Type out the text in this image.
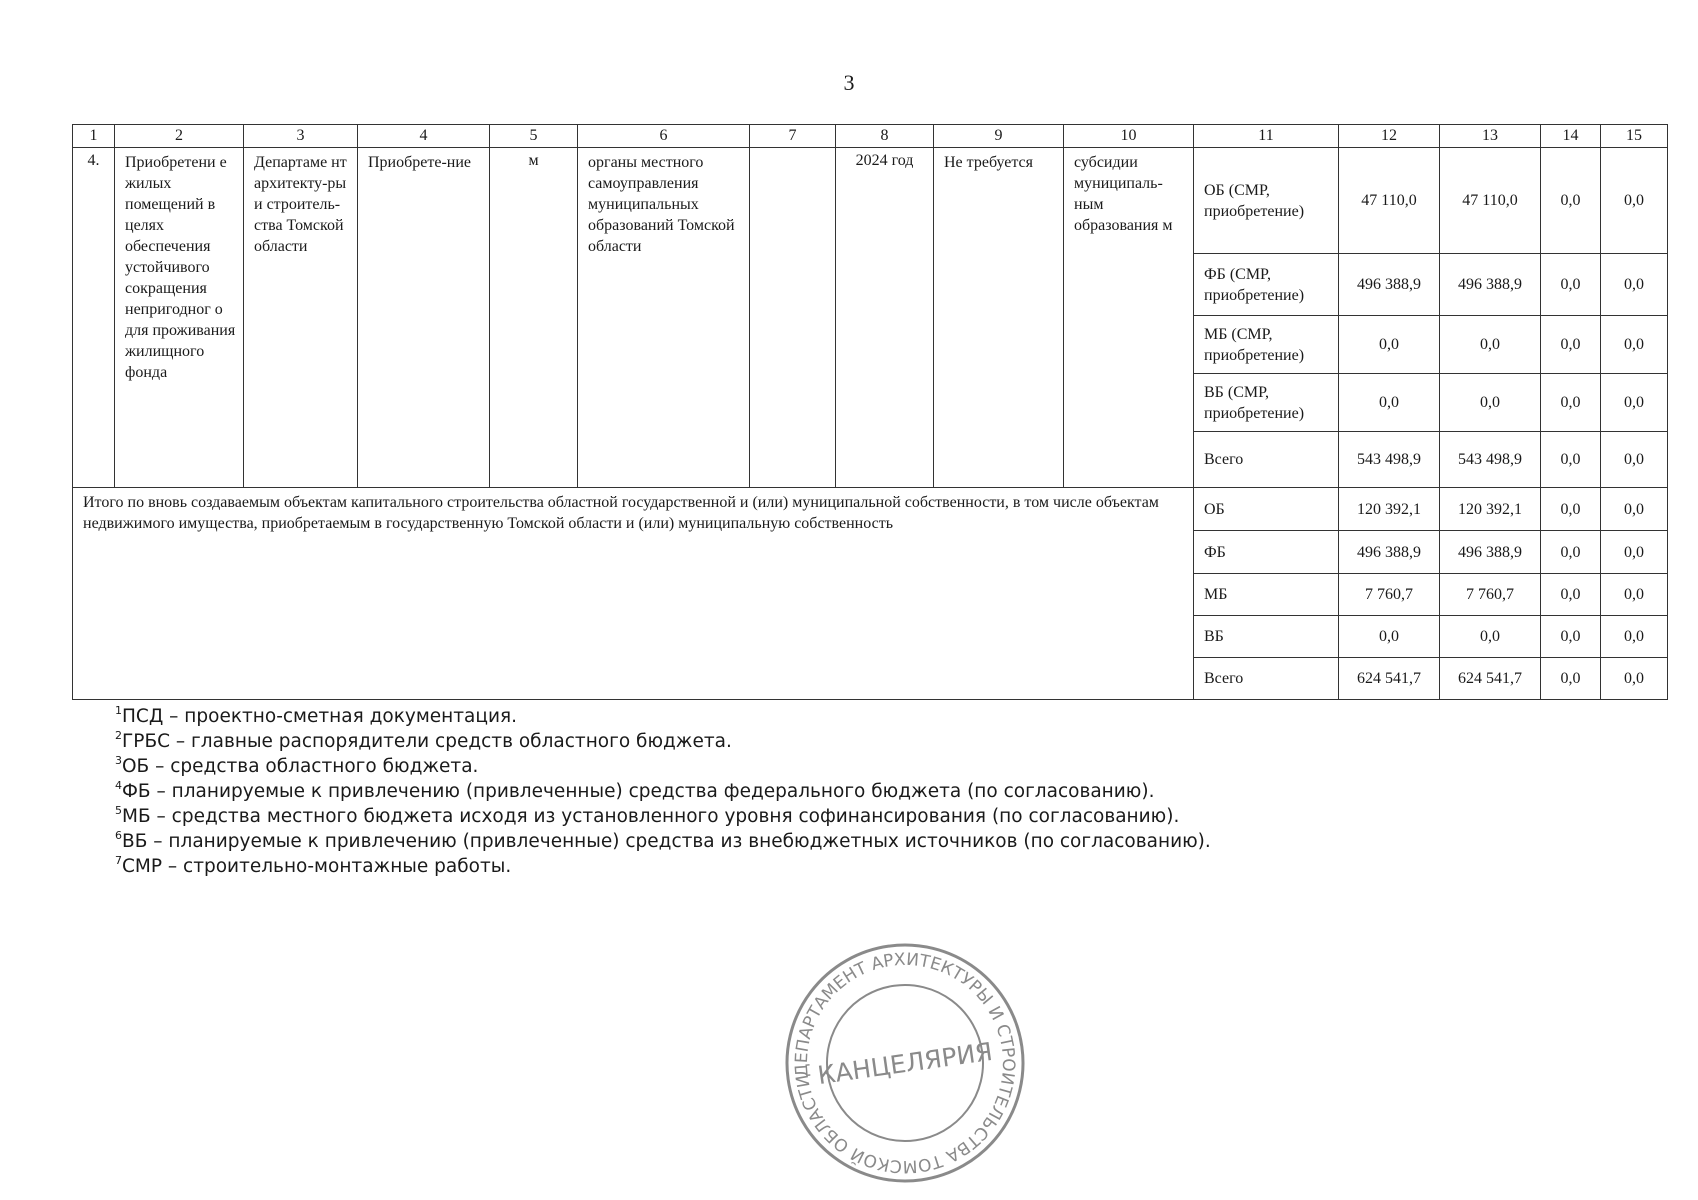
3
1	2	3	4	5	6	7	8	9	10	11	12	13	14	15
4.	Приобретени е жилых помещений в целях обеспечения устойчивого сокращения непригодног о для проживания жилищного фонда	Департаме нт архитекту-ры и строитель-ства Томской области	Приобрете-ние	м	органы местного самоуправления муниципальных образований Томской области		2024 год	Не требуется	субсидии муниципаль-ным образования м	ОБ (СМР, приобретение)	47 110,0	47 110,0	0,0	0,0
										ФБ (СМР, приобретение)	496 388,9	496 388,9	0,0	0,0
										МБ (СМР, приобретение)	0,0	0,0	0,0	0,0
										ВБ (СМР, приобретение)	0,0	0,0	0,0	0,0
										Всего	543 498,9	543 498,9	0,0	0,0
Итого по вновь создаваемым объектам капитального строительства областной государственной и (или) муниципальной собственности, в том числе объектам недвижимого имущества, приобретаемым в государственную Томской области и (или) муниципальную собственность										ОБ	120 392,1	120 392,1	0,0	0,0
										ФБ	496 388,9	496 388,9	0,0	0,0
										МБ	7 760,7	7 760,7	0,0	0,0
										ВБ	0,0	0,0	0,0	0,0
										Всего	624 541,7	624 541,7	0,0	0,0
$^1$ПСД – проектно-сметная документация.
$^2$ГРБС – главные распорядители средств областного бюджета.
$^3$ОБ – средства областного бюджета.
$^4$ФБ – планируемые к привлечению (привлеченные) средства федерального бюджета (по согласованию).
$^5$МБ – средства местного бюджета исходя из установленного уровня софинансирования (по согласованию).
$^6$ВБ – планируемые к привлечению (привлеченные) средства из внебюджетных источников (по согласованию).
$^7$СМР – строительно-монтажные работы.
ДЕПАРТАМЕНТ АРХИТЕКТУРЫ И СТРОИТЕЛЬСТВА ТОМСКОЙ ОБЛАСТИ КАНЦЕЛЯРИЯ
